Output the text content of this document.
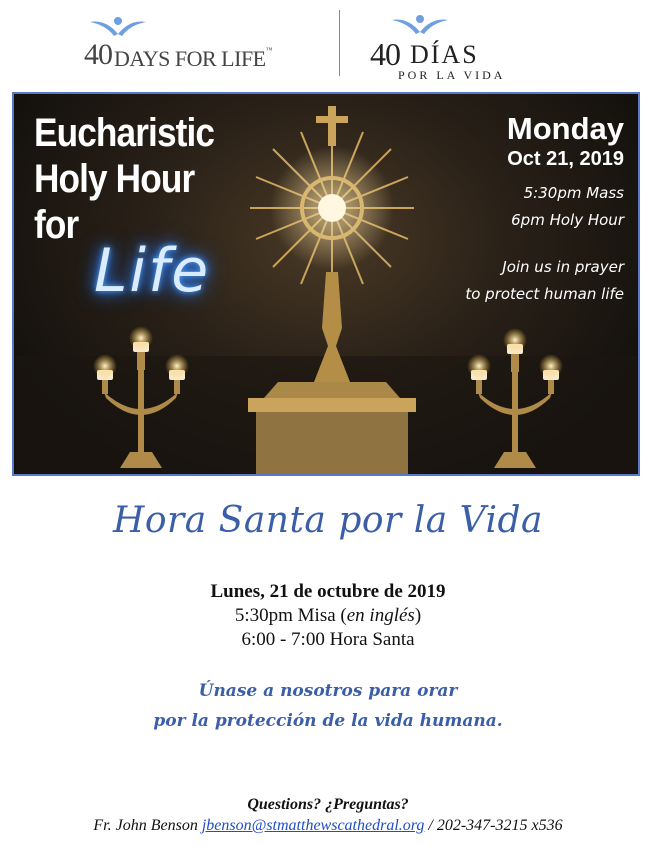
40 DAYS FOR LIFE™	40 DÍAS
POR LA VIDA
Eucharistic
Holy Hour
for
Life
Monday
Oct 21, 2019
5:30pm Mass
6pm Holy Hour
Join us in prayer
to protect human life
Hora Santa por la Vida
Lunes, 21 de octubre de 2019
5:30pm Misa (en inglés)
6:00 - 7:00 Hora Santa
Únase a nosotros para orar
por la protección de la vida humana.
Questions? ¿Preguntas?
Fr. John Benson jbenson@stmatthewscathedral.org / 202-347-3215 x536
